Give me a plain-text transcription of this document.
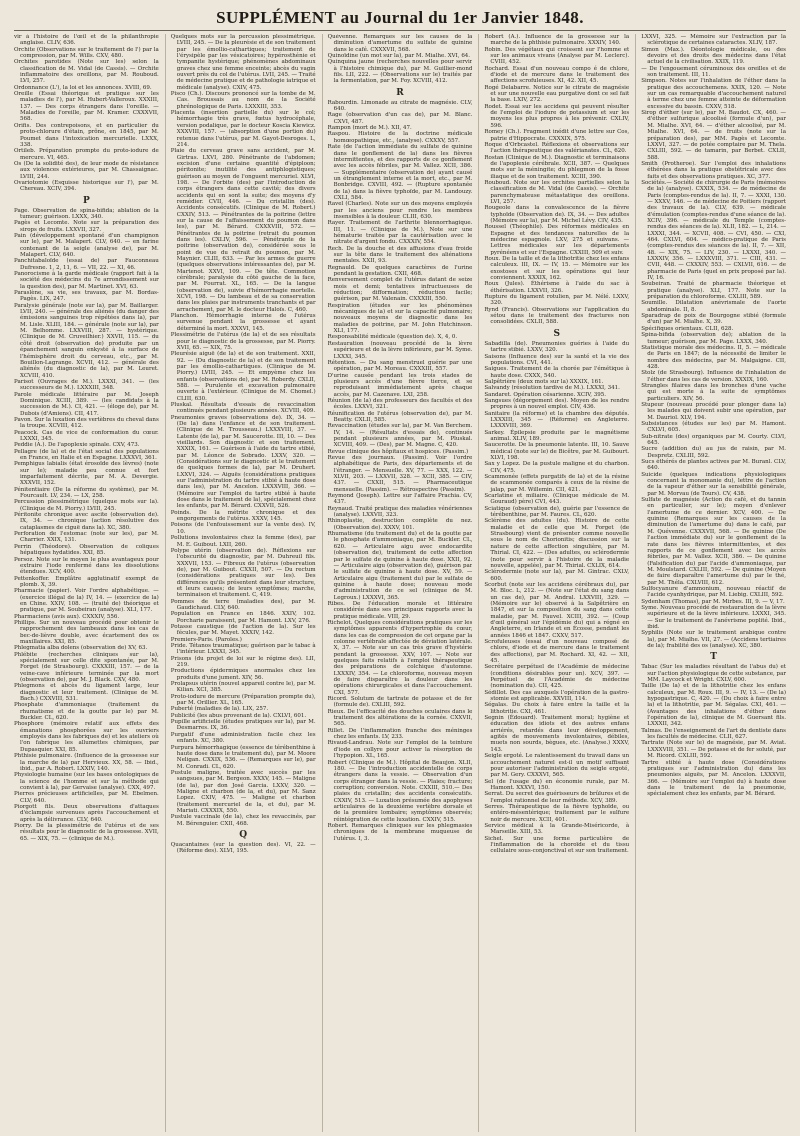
SUPPLÉMENT au Journal du 1er Janvier 1848.

vir à l'histoire de l'œil et de la philanthropie anglaise. CLIV, 636.

Orchite (Observations sur le traitement de l') par la compression, par M. Wills. CXV, 480.

Orchites parotides (Note sur les) selon la classification de M. Vidal (de Cassis). — Orchite inflammatoire des oreillons, par M. Rouboud. LVI, 257.

Ordonnance (L'), la loi et les annonces. XVIII, 69.

Oreille (Essai théorique et pratique sur les maladies de l'), par M. Hubert-Valleroux. XXXIII, 137. — Des corps étrangers dans l'oreille. — Maladies de l'oreille, par M. Kramer. CXXXVII, 568.

Orifis. Des contrepoisons, et en particulier du proto-chlorure d'étain, prône, en 1845, par M. Poumet dans l'intoxication mercurielle. LXXX, 338.

Ortileb. Préparation prompte du proto-iodure de mercure. VI, 465.

Os (De la solidité des), de leur mode de résistance aux violences extérieures, par M. Chassaignac. LVIII, 244.

Ovariotomie (Esquisse historique sur l'), par M. Chereau. XCIV, 394.

P

Page. Observation de spina-bifida; ablation de la tumeur; guérison. LXXX, 340.

Pagès et Lecomte. Note sur la préparation des sirops de fruits. LXXVII, 327.

Pain (développement spontané d'un champignon sur le), par M. Malapert. CLV, 640. — en farine contenant de la seigle (analyse de), par M. Malapert. CLV, 640.

Panchitabaloïde (essai de) par Fauconneau Dufresne. 1, 2, 11, 6. — VII, 22. — XI, 46.

Panorocisme à la garde médicale (rapport fait à la société des médecins du 7e arrondissement sur la question des), par M. Martinet. XVI, 63.

Paraslène, sa vie, ses travaux, par M. Bordas-Pagès. LIX, 247.

Paralysie générale (note sur la), par M. Baillarger. LVII, 240. — générale des aliénés (du danger des émissions sanguines trop répétées dans la), par M. Lisle. XLIII, 184. — générale (note sur la), par M. Belhomme. LXXVIII, 287. — hystérique. (Clinique de M. Cruveilhier.) XXVII, 115. — du côté droit (observation de) produite par un épanchement sanguin enkysté à la surface de l'hémisphère droit du cerveau, etc., par M. Bouillon-Lagrange. XCVII, 412. — générale des aliénés (du diagnostic de la), par M. Leuret. XCVIII, 410.

Parisot (Ouvrages de M.). LXXXI, 341. — (les successeurs de M.). LXXXIII, 348.

Parole médicale littéraire par M. Joseph Dominique. XCIII, 389. — (les candidats à la succession de M.). CI, 421. — (éloge de), par M. Dubois (d'Amiens). CII, 417.

Pavon. Sur la luxation des vertèbres du cheval dans la troupe. XCVIII, 412.

Peacock. Cas de vice de conformation du cœur. LXXXI, 345.

Peddie (A.). De l'apoplexie spinale. CXV, 473.

Pellagre (de la) et de l'état social des populations en France, en Italie et en Espagne. LXXXVI, 361.

Pemphigus labialis (état érosoïde des lèvres) (note sur le); maladie peu connue et fort imparfaitement décrite, par M. A. Devergie. XXXVII, 152.

Pénitentiaire (De la réforme du système), par M. Fourcault. LV, 234. — LX, 258.

Percussion plessimétrique (quelque mots sur la). (Clinique de M. Piorry.) LVIII, 245.

Péritonite chronique avec ascite (observation de). IX, 34. — chronique (action résolutive des cataplasmes de ciguë dans la). XC, 380.

Perforation de l'estomac (note sur les), par M. Charrier. XXIX, 131.

Perrin (Théodore). Observation de coliques hépatiques hydatides. XXI, 85.

Persoz. Note sur le moyen le plus avantageux pour extraire l'iode renfermé dans les dissolutions étendues. XCV, 400.

Pettenkoffer. Emplâtre agglutinatif exempt de plomb. X, 39.

Pharmacie (papier). Voir l'ordre alphabétique. — (exercice illégal de la) IV, 14. — (exercice de la) en Chine. XXIV, 108. — (traité de) théorique et pratique, par M. Soubeiran (analyse). XLI, 177.

Pharmaciens (avis aux). CXXXIV, 556.

Phillips. Sur un nouveau procédé pour obtenir le rapprochement des lambeaux dans les cas de bec-de-lièvre double, avec écartement des os maxillaires. XXI, 85.

Phlegmatia alba dolens (observation de) XV, 63.

Phlébite (recherches cliniques sur la), spécialement sur celle dite spontanée, par M. Forget (de Strasbourg). CXXXIII, 157. — de la veine-cave inférieure terminée par la mort (observation de), par M. J. Black. CXV, 480.

Phlegmons et abcès du ligament large, leur diagnostic et leur traitement. (Clinique de M. Bach.) CXXVIII, 531.

Phosphate d'ammoniaque (traitement du rhumatisme et de la goutte par le) par M. Buckler. CL, 620.

Phosphore (mémoire relatif aux effets des émanations phosphorées sur les ouvriers employés dans les fabriques de) et les ateliers où l'on fabrique les allumettes chimiques, par Dupasquier. XXI, 85.

Phthisie pulmonaire. (Influence de la grossesse sur la marche de la) par Hervieux. XX, 58. — Ibid., ibid., par A. Robert. LXXIV, 140.

Physiologie humaine (sur les bases ontologiques de la science de l'homme et sur la méthode qui convient à la), par Gervaise (analyse). CXX, 497.

Pierres précieuses artificielles, par M. Ebelmen. CLV, 640.

Piorgott fils. Deux observations d'attaques d'éclampsie survenues après l'accouchement et après la délivrance. CLV, 640.

Piorry. De la plessimétrie de l'utérus et de ses résultats pour le diagnostic de la grossesse. XVII, 65. — XIX, 75. — (clinique de M.).

Quelques mots sur la percussion plessimétrique. LVIII, 245. — De la pleurésie et de son traitement par les émollio-cathartiques; traitement de l'érysipèle par les vésicatoires; hypérosthénie et tympanite hystérique; phénomènes abdominaux graves chez une femme enceinte; abcès du vagin ouvert près du col de l'utérus. LVII, 245. — Traité de médecine pratique et de pathologie iatrique et médicale (analyse). CXIV, 475.

Pisco (Ch.). Discours prononcé sur la tombe de M. Cas. Broussais au nom de la Société phrénologique de Paris. LXXXIII, 353.

Placenta (insertion partielle du) sur le col; hémorrhagie très grave, fœtus hydrocéphale, version podalique, par le docteur Koscia Kiewicz. XXXVIII, 157. — (absorption d'une portion du) retenue dans l'utérus, par M. Gayot-Desroges. L, 214.

Plaie du cerveau grave sans accident, par M. Girtras. LXVI, 280. Pénétrante de l'abdomen; excision d'une certaine quantité d'épiploon; péritonite; inutilité des antiphlogistiques; guérison au moyen de l'onguent mercuriel. XLVI, 198. — De l'orbite (des) par l'introduction de corps étrangers dans cette cavité; des divers accidents qui en sont la suite; des moyens d'y remédier. CVII, 446. — Du cristallin (des). Accidents consécutifs. (Clinique de M. Robert.) CXXIV, 513. — Pénétrantes de la poitrine (lettre sur la cause de l'affaissement du poumon dans les), par M. Bérard. CXXXVIII, 572. — Pénétrantes de la poitrine (retrait du poumon dans les). CXLIV, 596. — Pénétrante de la poitrine (observation de), considérée sous le point de vue du retrait du poumon, par M. Maynier. CLIII, 633. — Par les armes de guerre (quelques observations intéressantes de), par M. Martenot. XXVI, 109. — De tête. Commotion cérébrale; paralysie du côté gauche de la face, par M. Fourrat. XL, 165. — De la langue (observation de), suivie d'hémorrhagie mortelle. XCVI, 198. — Du lambeau et de sa conservation dans les plaies par instruments tranchants et par arrachement, par M. le docteur Haloïs. C, 460.

Planchon. Hémorrhagie interne de l'utérus survenue pendant la grossesse et ayant déterminé la mort. XXXVI, 145.

Plessimétrie de l'utérus (de la) et de ses résultats pour le diagnostic de la grossesse, par M. Piorry. XVII, 65. — XIX, 75.

Pleurésie aiguë (de la) et de son traitement. XXII, 92. — (Du diagnostic de la) et de son traitement par les émollio-cathartiques. (Clinique de M. Piorry.) LVIII, 245. — Et empyème chez les enfants (observations de), par M. Roberdy. CXLII, 588. — Purulente et excavation pulmonaire ouverte à l'extérieur. (Clinique de M. Chomel.) CLIII, 630.

Pluskal. Résultats d'essais de revaccination continués pendant plusieurs années. XCVIII, 409.

Pneumonies graves (observations de). IX, 34. — (De la) dans l'enfance et de son traitement. (Clinique de M. Trousseau.) LXXXVIII, 37. — Latente (de la), par M. Saucerotte. III, 10. — Des vieillards. Son diagnostic et son traitement. XXXIX, 161. — Guérison à l'aide du tartre stibié, par M. Léonce de Sobrado. LXXV, 320. — (Considérations sur le diagnostic et le traitement de quelques formes de la), par M. Druhert. LXXVI, 324. — Aiguës (considérations pratiques sur l'administration du tartre stibié à haute dose dans les), par M. Ancelon. LXXXVIII, 366. — (Mémoire sur l'emploi du tartre stibié à haute dose dans le traitement de la), spécialement chez les enfants, par M. Bérard. CXXVII, 526.

Poinds. De la métrite chronique et des engorgements de l'utérus. XXXV, 145.

Poisons (de l'enfouissement sur la vente des). IV, 10.

Pollutions involontaires chez la femme (des), par M. E. Guibout. LXII, 260.

Polype utérin (observation de). Réflexions sur l'obscurité du diagnostic, par M. Duhreuil fils. XXXVII, 153. — Fibreux de l'utérus (observation de), par M. Guibout. CXXII, 507. — Du rectum (considérations pratiques sur les). Des différences qu'ils présentent dans leur structure, et leurs causes; de leurs symptômes; marche, terminaison et traitement. C, 419.

Pommes de terre (maladies des), par M. Gaudichaud. CLV, 640.

Population en France en 1846. XXIV, 102. Porcharie paraissent, par M. Hamont. LXV, 276.

Potasse caustique (de l'action de la). Sur les fécules, par M. Mayet. XXXIV, 142.

Premiers-Paris. (Paroles.)

Pride. Tétanos traumatique; guérison par le tabac à l'intérieur. LXXXI, 345.

Prisons (du projet de loi sur le régime des). LII, 219.

Productions épidermiques anormales chez les produits d'une jument. XIV, 56.

Prolapsus utérin (nouvel appareil contre le), par M. Kilian. XCI, 385.

Proto-iodure de mercure (Préparation prompte du), par M. Orillier. XL, 165.

Puberté (maladies de la). LIX, 257.

Publicité (les abus provenant de la). CXLVI, 601.

Pupille artificielle (études pratiques sur la), par M. Desmarres. IX, 36.

Purgatif d'une administration facile chez les enfants. XC, 380.

Purpura hémorrhagique (essence de térébenthine à haute dose dans le traitement du), par M. Moore Neligan. CXXIX, 536. — (Remarques sur le), par M. Conradi. CL, 620.

Pustule maligne, traitée avec succès par les sangsues, par M. Bergeon. XXXV, 145. — Maligne (de la), par don José Garcia. LXXV, 320. — Maligne et charbon (de la, et du), par M. Sanz Lopez. CXIV, 475. — Maligne et charbon (traitement mercuriel de la, et du), par M. Mariati. CXXXIX, 550.

Pustule vaccinale (de la), chez les revaccinés, par M. Bérenguier. CXII, 468.

Q

Quacantaines (sur la question des). VI, 22. — (Réforme des). XLVI, 195.

Quévenne. Remarques sur les causes de la diminution d'amertume du sulfate de quinine dans le café. CXXXVII, 568.

Quinoïdine (un mot sur la), par M. Mialhe. XVI, 64.

Quinquina jaune (recherches nouvelles pour servir à l'histoire chimique du), par M. Guillier-mond fils. LII, 222. — (Observations sur le) traités par la fermentation, par M. Foy. XCVIII, 412.

R

Rabourdin. Limonade au citrate de magnésie. CLV, 640.

Rage (observation d'un cas de), par M. Blanc. CXVI, 487.

Rampon (mort de M.). XII, 47.

Raspou. Histoire de la doctrine médicale homœopathique, etc., (analyse). CXXXV, 557.

Rate (de l'action immédiate du sulfate de quinine dans le gonflement de la) dans les fièvres intermittentes, et des rapports de ce gonflement avec les accès fébriles, par M. Vallez. XCII, 386. — Supplémentaire (observation de) ayant causé un étranglement interne et la mort, etc., par M. Bonbridge. CXVIII, 492. — (Rupture spontanée de la) dans la fièvre typhoïde, par M. Landouzy. CXLI, 584.

Ravel (Charles). Note sur un des moyens employés par les anciens pour rendre les membres insensibles à la douleur. CLIII, 630.

Rayer. Traitement de l'arthrite blennorrhagique. III, 11. — (Clinique de M.). Note sur une hématurie traitée par la cautérisation avec le nitrate d'argent fondu. CXXXIV, 554.

Rech. De la douche et des affusions d'eau froide sur la tête dans le traitement des aliénations mentales. XXII, 93.

Regnauld. De quelques caractères de l'urine pendant la gestation. CXII, 468.

Renversement complet de l'utérus datant de seize mois et demi; tentatives infructueuses de réduction; difformation; réduction facile; guérison, par M. Valenain. CXXXIII, 550.

Respiration (études sur les phénomènes mécaniques de la) et sur la capacité pulmonaire; nouveaux moyens de diagnostic dans les maladies de poitrine, par M. John Hutchinson. XLI, 177.

Responsabilité médicale (question de). X, 4, 0.

Restauration (nouveau procédé de la lèvre supérieure et de la lèvre inférieure, par M. Syme. LXXXI, 345.

Rétention. — Du sang menstruel guérie par une opération, par M. Moreau. CXXXIII, 557.

D'urine causée pendant les trois stades de plusieurs accès d'une fièvre tierce, et se reproduisant immédiatement après chaque accès, par M. Cazenave. LXI, 258.

Réunion (de la) des professeurs des facultés et des écoles. LXXVI, 321.

Réunification de l'utérus (observation de), par M. Beatty. CXLII, 585.

Revaccination (études sur la), par M. Van Berchem. IV, 14. — (Résultats d'essais de), continués pendant plusieurs années, par M. Pluskal. XCVIII, 409. — (Des), par M. Magne. C, 420.

Revue clinique des hôpitaux et hospices. (Passim.)

Revue des journaux. (Passim). Voir l'ordre alphabétique de Paris, des départements et de l'étranger. — Mensuelle. XV, 77. — XXX, 122. — XLVII, 203. — LXXVII, 328. — XCII, 385. — CIV, 437. — CXXII, 515. — Pharmaceutique mensuelle. (Passim). — Rétrospective (Passim).

Reymond (Joseph). Lettre sur l'affaire Prachia. CV, 437.

Reynaud. Traité pratique des maladies vénériennes (analyse). LXXVII, 323.

Rhinoplastie, destruction complète du nez. (Observation de). XXXV, 101.

Rhumatisme (du traitement du) et de la goutte par le phosphate d'ammoniaque, par M. Buckler. CL, 620. — Articulaire aigu avec endocardite (observation de), traitement de cette affection par le sulfate de quinine à haute dose. XXII, 92. — Articulaire aigu (observation de), guérison par le sulfate de quinine à haute dose. XV, 59. — Articulaire aigu (traitement du) par le sulfate de quinine à haute dose; nouveau mode d'administration de ce sel (clinique de M. Legroux.) LXXXVI, 365.

Ribes. De l'éducation morale et littéraire considérée dans ses principaux rapports avec la pratique médicale. VIII, 29.

Richelot. Quelques considérations pratiques sur les symptômes apparents d'hypertrophie du cœur, dans les cas de compression de cet organe par la colonne vertébrale affectée de déviation latérale. X, 37. — Note sur un cas très grave d'hystérie pendant la grossesse. XXV, 107. — Note sur quelques faits relatifs à l'emploi thérapeutique des préparations de colchique d'automne. LXXXIV, 354. — Le chloroforme, nouveau moyen de faire disparaître la douleur dans les opérations chirurgicales et dans l'accouchement. CXI, 577.

Ricord. Solutum de tartrate de potasse et de fer (formule de). CXLIII, 592.

Rieux. De l'efficacité des douches oculaires dans le traitement des altérations de la cornée. CXXVII, 565.

Rillet. De l'inflammation franche des méninges chez les enfants. LV, 233.

Rivaud-Landrau. Note sur l'emploi de la teinture d'iode en collyre pour activer la résorption de l'hypopion. XL, 165.

Robert (Clinique de M.). Hôpital de Beaujon. XLII, 180. — De l'introduction accidentelle de corps étrangers dans la vessie. — Observation d'un corps étranger dans la vessie. — Plaies; fracture; corruption; conversion. Note. CXXIII, 510.— Des plaies du cristallin; des accidents consécutifs. CXXIV, 513. — Luxation présumée des apophyses articulaires de la deuxième vertèbre dorsale et de la première lombaire; symptômes observés; réintégration de cette luxation. CXXIV, 515.

Robert. Remarques cliniques sur les phlegmasies chroniques de la membrane muqueuse de l'utérus. I, 3.

Robert (A.). Influence de la grossesse sur la marche de la phthisie pulmonaire. XXXIV, 140.

Robin. Des végétaux qui croissent sur l'homme et sur les animaux vivans (Analyse par M. Leclerc). CVIII, 452.

Rochard. Essai d'un nouveau compo é de chlore, d'iode et de mercure dans le traitement des affections scrofuleuses. XI, 42. XII, 45.

Rogé Delabarre. Notice sur le citrate de magnésie et sur une nouvelle eau purgative dont ce sel fait la base. LXIV, 272.

Rodet. Essai sur les accidens qui peuvent résulter de l'emploi de l'iodure de potassium et sur les moyens les plus propres à les prévenir. CXLIV, 596.

Romey (Ch.). Fragment inédit d'une lettre sur Cos, patrie d'Hippocrate. CXXXIX, 575.

Roque d'Orbcastel. Réflexions et observations sur l'action thérapeutique des valérianates. CL, 620.

Rostan (Clinique de M.). Diagnostic et terminaisons de l'apoplexie cérébrale. XCII, 387. — Quelques mots sur la méningite; du phlegmon de la fosse iliaque et de son traitement. XCIII, 390.

Rouboud. Note sur les orchites partielles selon la classification de M. Vidal (de Cassis). — Orchite parenchymateuse métastatique des oreillons. LVI, 257.

Rougeole dans la convalescence de la fièvre typhoïde (Observation de). IX, 34. — Des adultes (Mémoire sur la), par M. Michel Lévy. CIV, 435.

Roussel (Théophile). Des réformes médicales en Espagne et des tendances naturelles de la médecine espagnole. LXV, 275 et suivans. — Lettres médicales sur les départements pyrénéens et sur l'Espagne. CXXIII, 509 et suiv.

Roux. De la taille et de la lithotritie chez les enfans calculeux. III, IX. — IV, 15. — Mémoire sur les exostoses et sur les opérations qui leur conviennent. XXXIX, 162.

Roux (Jules). Éthérisme à l'aide du sac à éthérisation. LXXVII, 326.

Rupture du ligament rotulien, par M. Nélé. LXXV, 320.

Rynd (Francis). Observations sur l'application du sétou dans le traitement des fractures non consolidées. CXLII, 588.

S

Sabadilla (de). Pneumonies guéries à l'aide du tartre stibié. LXXV, 320.

Saisons (Influence des) sur la santé et la vie des populations. CVI, 441.

Saigues. Traitement de la chorée par l'émétique à haute dose. CXXX, 540.

Salpêtrière (deux mots sur la) XXXIX, 161.

Salvandy (résolution tardive de M.). LXXXI, 341.

Sandaret. Opération césarienne. XCIV, 395.

Sangsues (dégorgement des). Moyen de les rendre propres à un nouvel emploi. CIV, 436.

Sanitaire (la réforme) et la chambre des députés. LXXXIII, 345 — (Réforme) en Angleterre. LXXXVIII, 369.

Sarkey. Épilepsie produite par le magnétisme animal. XLIV, 189.

Saucerotte. De la pneumonie latente. III, 10. Sauve médical (note sur le) de Bicêtre, par M. Guibourt. XLVI, 198.

Sax y Lopez. De la pustule maligne et du charbon. CIV, 475.

Scammonée (effets purgatifs de la) et de la résine de scammonée comparés à ceux de la résine de jalap, par M. Willemin. CII, 421.

Scarlatine et miliaire. (Clinique médicale de M. Gouraud) père) CVI, 443.

Sciatique (observation de), guérie par l'essence de térébenthine, par M. Faures. CL, 620.

Sclérème des adultes (du). Histoire de cette maladie et de celle que M. Forget (de Strasbourg) vient de présenter comme nouvelle sous le nom de Chorionitis; discussion sur la nature de cette affection singulière, par M. Thirial. CI, 422. — (Des adultes, ou sclérodermie (note pour servir à l'histoire de la maladie nouvelle, appelée), par M. Thirial. CXLIX, 614.

Sclérodermie (note sur la), par M. Gintrac. CXLV, 600.

Scorbut (note sur les accidens cérébraux du), par M. Bloc. L, 212. — (Note sur l'état du sang dans un cas de), par M. Andral. LXXVIII, 329. — (Mémoire sur le) observé à la Salpêtrière en 1847, et sur la composition du sang dans cette maladie, par M. Fauvel. XCIII, 392. — (Coup d'œil général sur l'épidémie du) qui a régné en Angleterre, en Irlande et en Écosse, pendant les années 1846 et 1847. CXXV, 517.

Scrofuleuses (essai d'un nouveau composé de chlore, d'iode et de mercure dans le traitement des affections), par M. Rochard. XI, 42. — XII, 45.

Secrétaire perpétuel de l'Académie de médecine (conditions désirables pour un). XCV, 397. — Perpétuel de l'Académie de médecine (nomination du). CII, 425.

Sédillot. Des cas auxquels l'opération de la gastro-stomie est applicable. XXVIII, 114.

Ségalas. Du choix à faire entre la taille et la lithotritie. CXI, 461.

Segnin (Édouard). Traitement moral; hygiène et éducation des idiots et des autres enfans arriérés, retardés dans leur développement, agités de mouvements involontaires, débiles, muets non sourds, bègues, etc. (Analyse.) XXXV, 143.

Seigle ergoté. Le ralentissement du travail dans un accouchement naturel est-il un motif suffisant pour autoriser l'administration du seigle ergoté, par M. Gery. CXXXVI, 565.

Sel (de l'usage du) en économie rurale, par M. Hamont. XXXVI, 150.

Serrat. Du secret des guérisseurs de brûlures et de l'emploi rationnel de leur méthode. XCV, 389.

Serres. Thérapeutique de la fièvre typhoïde, ou entéro-mésentérique; traitement par le sulfure noir de mercure. XCII, 401.

Service médical à la Grande-Miséricorde, à Marseille. XIII, 53.

Sichel. Sur une forme particulière de l'inflammation de la choroïde et du tissu cellulaire sous-conjonctival et sur son traitement.

LXXVI, 325. — Mémoire sur l'extraction par la sclérotique de certaines cataractes. XLIV, 187.

Simon (Max.). Déontologie médicale, ou des devoirs et des droits des médecins dans l'état actuel de la civilisation. XXIX, 119.

— De l'engouement céruminoux des oreilles et de son traitement. III, 11.

Simpson. Notes sur l'inhalation de l'éther dans la pratique des accouchemens. XXIX, 120. — Note sur un cas remarquable d'accouchement naturel à terme chez une femme atteinte de déformation excessive du bassin. CXXV, 518.

Sirop d'éther (sur le), par M. Baudot. CX, 460. — d'éther sulfurique alcoolisé (formule d'un), par M. Mialhe. XVI, 64. — d'éther alcoolisé, par M. Mialhe. XVI, 64. — de fruits (note sur la préparation des), par MM. Pagès et Lecomte. LXXVI, 327. — de potée comptaire par M. Thela. CXLIII, 592. — de tamarin, par Berbet. CXLII, 588.

Smith (Protheroe). Sur l'emploi des inhalations éthérées dans la pratique obstétricale avec des faits et des observations pratiques. XC, 377.

Sociétés.— Société de chirurgie de Paris (mémoires de la) (analyse). CXXIX, 534. — de médecine de Paris (comptes-rendus de la). II, 7. — XXXI, 130. — XXXV, 146. — de médecine de Poitiers (rapport des travaux de la). CLV, 639. — médicale d'émulation (comptes-rendus d'une séance de la). XCIV, 396. — médicale du Temple (comptes-rendus des séances de la). XLII, 182. — L, 214. — LXXXI, 344. — XCVII, 408. — CVI, 450. — CXI, 464. CXLVI, 604. — médico-pratique de Paris (comptes-rendus des séances de la). II, 7. — XII, 48. — XIX, 75. — LIV, 230. — LXXXI, 340. — LXXXIV, 356. — LXXXVIII, 371. — CIII, 431. — CVII, 448. — CXXXIV, 553. — CXLVII, 616. — de pharmacie de Paris (quel en prix proposé par la). IV, 16.

Soubeiran. Traité de pharmacie théorique et pratique (analyse). XLI, 177. Note sur la préparation du chloroforme. CXLIII, 589.

Soumille. Dilatation anévrismale de l'aorte abdominale. II, 8.

Sparadrap de poix de Bourgogne stibié (formule d'un) par M. Mialhe. X, 39.

Spécifiques orientaux. CLII, 628.

Spina-bifida (observation de); ablation de la tumeur; guérison, par M. Page. LXXX, 340.

Statistique morale des médecins. II, 5. — médicale de Paris en 1847; de la nécessité de limiter le nombre des médecins, par M. Malgaigne. CII, 428.

Stolz (de Strasbourg). Influence de l'inhalation de l'éther dans les cas de version. XXXIX, 160.

Strangles filaires dans les bronches d'une vache qui est morte à la suite de symptômes particuliers. XIV, 56.

Stupeur (nouveau procédé pour plonger dans la) les malades qui doivent subir une opération, par M. Dauriol. XLV, 194.

Subsistances (études sur les) par M. Hamont. CXLVI, 605.

Sub-nitrate (des) organiques par M. Courty. CLVI, 645.

Sucre (addition du) au jus de raisin, par M. Despretz. CXLIII, 592.

Sucs éthérés de plantes actives par M. Buranl. CLV, 640.

Suicide (quelques indications physiologiques concernant la monomanie du), lettre de l'action de la vapeur d'éther sur la sensibilité générale, par M. Morvau (de Tours). CV, 438.

Sulfate de magnésie (Action du café, et du tannin en particulier, sur le); moyen d'enlever l'amertume de ce dernier. XCV, 400. — De quinine (Remarques sur les causes de la diminution de l'amertume du) dans le café, par M. Quévenne. CXXXVII, 568. — De quinine (De l'action immédiate du) sur le gonflement de la rate dans les fièvres intermittentes, et des rapports de ce gonflement avec les accès fébriles, par M. Vallez. XCII, 386. — De quinine (Falsification du) par l'acide d'ammoniaque, par M. Moulstard. CXLIII, 592. — De quinine (Moyen de faire disparaître l'amertume du) par le thé, par M. Théla. CXLVIII, 612.

Sulfocyanure d'ammonium, nouveau réactif de l'acide cyanhydrique, par M. Liebig. CXLIII, 592.

Sydenham (Thomas), par M. Mirbes. III, 9. — V, 17.

Syme. Nouveau procédé de restauration de la lèvre supérieure et de la lèvre inférieure. LXXXI, 345. — Sur le traitement de l'anévrisme poplité. Ibid., ibid.

Syphilis (Note sur le traitement arabique contre la), par M. Mialhe. VII, 27. — (Accidens tertiaires de la); frabilité des os (analyse). XC, 380.

T

Tabac (Sur les maladies résultant de l'abus du) et sur l'action physiologique de cette substance, par MM. Laycock et Wright. CXLV, 600.

Taille (De la) et de la lithotritie chez les enfans calculeux, par M. Roux. III, 9. — IV, 13. — (De la) hypogastrique. C, 420. — (Du choix à faire entre la) et la lithotritie, par M. Ségalas. CXI, 461. — (Avantages des inhalations d'éther dans l'opération de la), clinique de M. Guersant fils. LXXXII, 342.

Talmas. De l'enseignement de l'art du dentiste dans les facultés de médecine. CLII, 627.

Tartrate (Note sur le) de magnésie, par M. Aviat. LXXXVIII, 351. — De potasse et de fer soluté, par M. Ricord. CXLIII, 592.

Tartre stibié à haute dose (Considérations pratiques sur l'administration du) dans les pneumonies aiguës, par M. Ancelon. LXXXVII, 366. — (Mémoire sur l'emploi du) à haute dose dans le traitement de la pneumonie, spécialement chez les enfants, par M. Bérard.
